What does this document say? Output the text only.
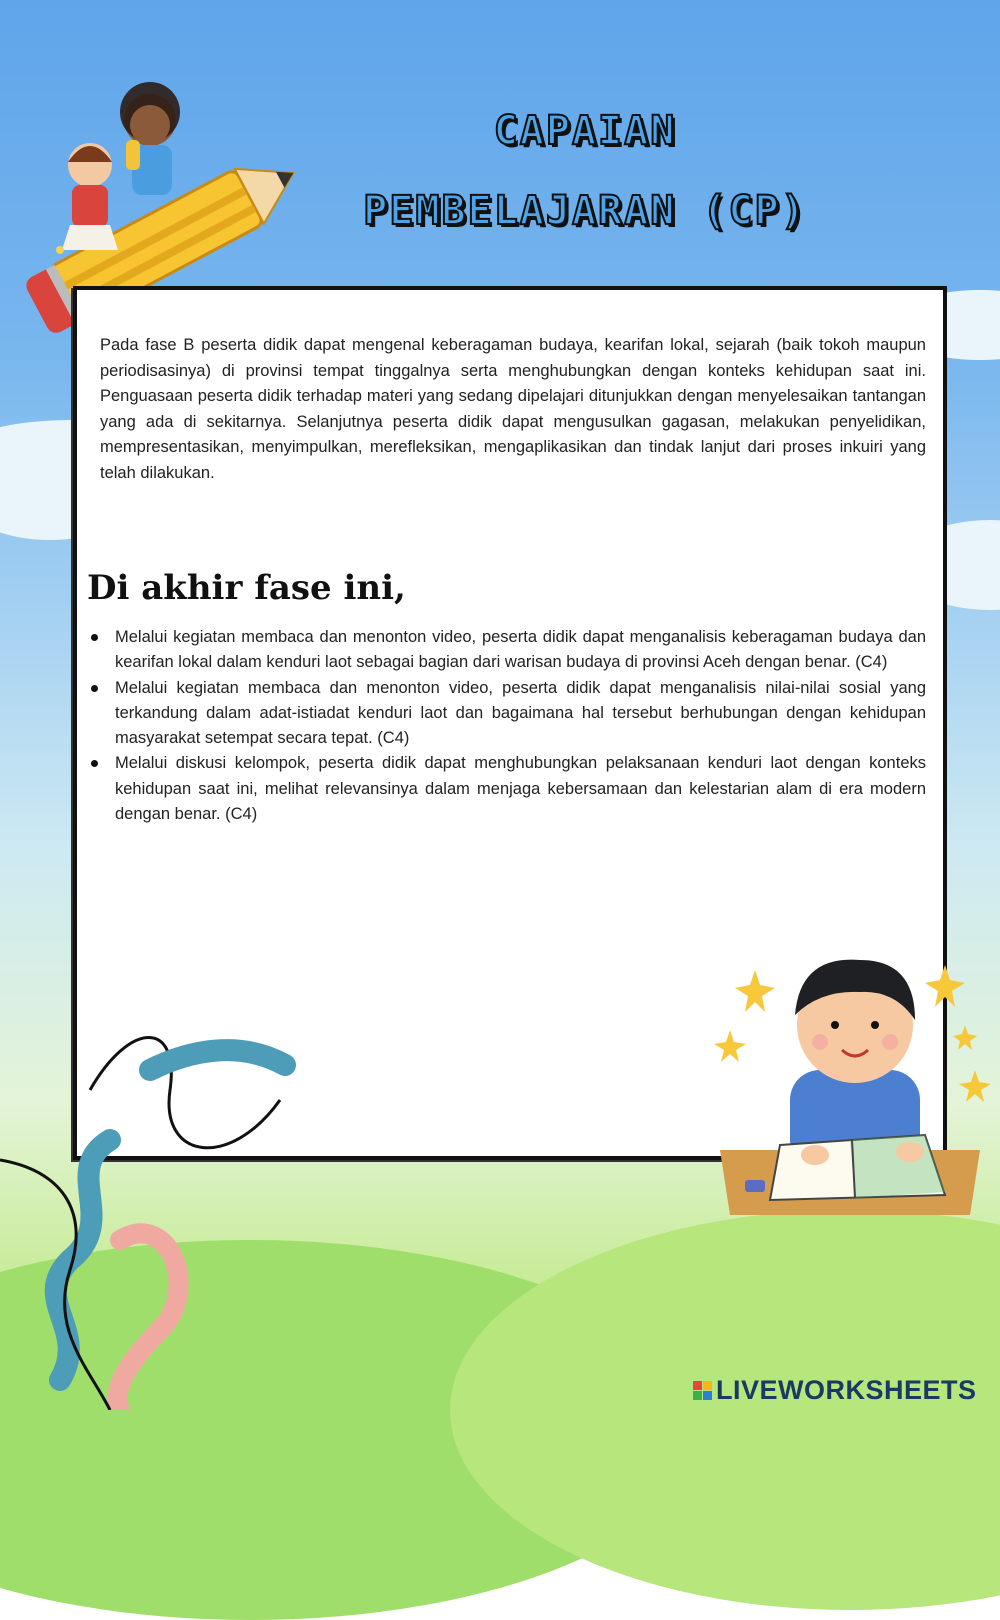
CAPAIAN
PEMBELAJARAN (CP)

Pada fase B peserta didik dapat mengenal keberagaman budaya, kearifan lokal, sejarah (baik tokoh maupun periodisasinya) di provinsi tempat tinggalnya serta menghubungkan dengan konteks kehidupan saat ini. Penguasaan peserta didik terhadap materi yang sedang dipelajari ditunjukkan dengan menyelesaikan tantangan yang ada di sekitarnya. Selanjutnya peserta didik dapat mengusulkan gagasan, melakukan penyelidikan, mempresentasikan, menyimpulkan, merefleksikan, mengaplikasikan dan tindak lanjut dari proses inkuiri yang telah dilakukan.

Di akhir fase ini,
Melalui kegiatan membaca dan menonton video, peserta didik dapat menganalisis keberagaman budaya dan kearifan lokal dalam kenduri laot sebagai bagian dari warisan budaya di provinsi Aceh dengan benar. (C4)
Melalui kegiatan membaca dan menonton video, peserta didik dapat menganalisis nilai-nilai sosial yang terkandung dalam adat-istiadat kenduri laot dan bagaimana hal tersebut berhubungan dengan kehidupan masyarakat setempat secara tepat. (C4)
Melalui diskusi kelompok, peserta didik dapat menghubungkan pelaksanaan kenduri laot dengan konteks kehidupan saat ini, melihat relevansinya dalam menjaga kebersamaan dan kelestarian alam di era modern dengan benar. (C4)
LIVEWORKSHEETS
